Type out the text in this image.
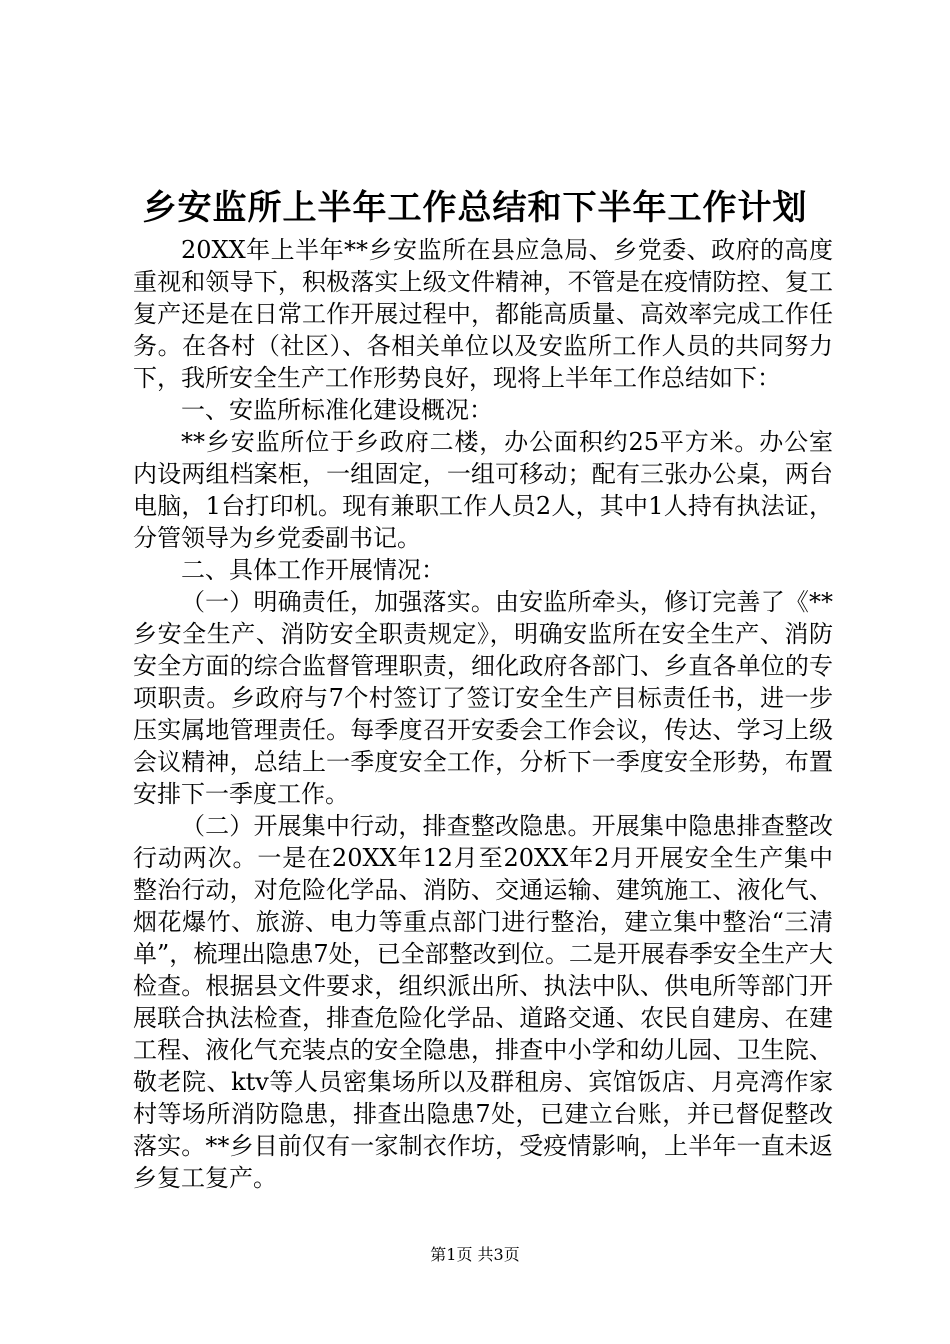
乡安监所上半年工作总结和下半年工作计划

20XX年上半年**乡安监所在县应急局、乡党委、政府的高度重视和领导下，积极落实上级文件精神，不管是在疫情防控、复工复产还是在日常工作开展过程中，都能高质量、高效率完成工作任务。在各村（社区）、各相关单位以及安监所工作人员的共同努力下，我所安全生产工作形势良好，现将上半年工作总结如下：

一、安监所标准化建设概况：

**乡安监所位于乡政府二楼，办公面积约25平方米。办公室内设两组档案柜，一组固定，一组可移动；配有三张办公桌，两台电脑，1台打印机。现有兼职工作人员2人，其中1人持有执法证，分管领导为乡党委副书记。

二、具体工作开展情况：

（一）明确责任，加强落实。由安监所牵头，修订完善了《**乡安全生产、消防安全职责规定》，明确安监所在安全生产、消防安全方面的综合监督管理职责，细化政府各部门、乡直各单位的专项职责。乡政府与7个村签订了签订安全生产目标责任书，进一步压实属地管理责任。每季度召开安委会工作会议，传达、学习上级会议精神，总结上一季度安全工作，分析下一季度安全形势，布置安排下一季度工作。

（二）开展集中行动，排查整改隐患。开展集中隐患排查整改行动两次。一是在20XX年12月至20XX年2月开展安全生产集中整治行动，对危险化学品、消防、交通运输、建筑施工、液化气、烟花爆竹、旅游、电力等重点部门进行整治，建立集中整治“三清单”，梳理出隐患7处，已全部整改到位。二是开展春季安全生产大检查。根据县文件要求，组织派出所、执法中队、供电所等部门开展联合执法检查，排查危险化学品、道路交通、农民自建房、在建工程、液化气充装点的安全隐患，排查中小学和幼儿园、卫生院、敬老院、ktv等人员密集场所以及群租房、宾馆饭店、月亮湾作家村等场所消防隐患，排查出隐患7处，已建立台账，并已督促整改落实。**乡目前仅有一家制衣作坊，受疫情影响，上半年一直未返乡复工复产。

第1页 共3页
